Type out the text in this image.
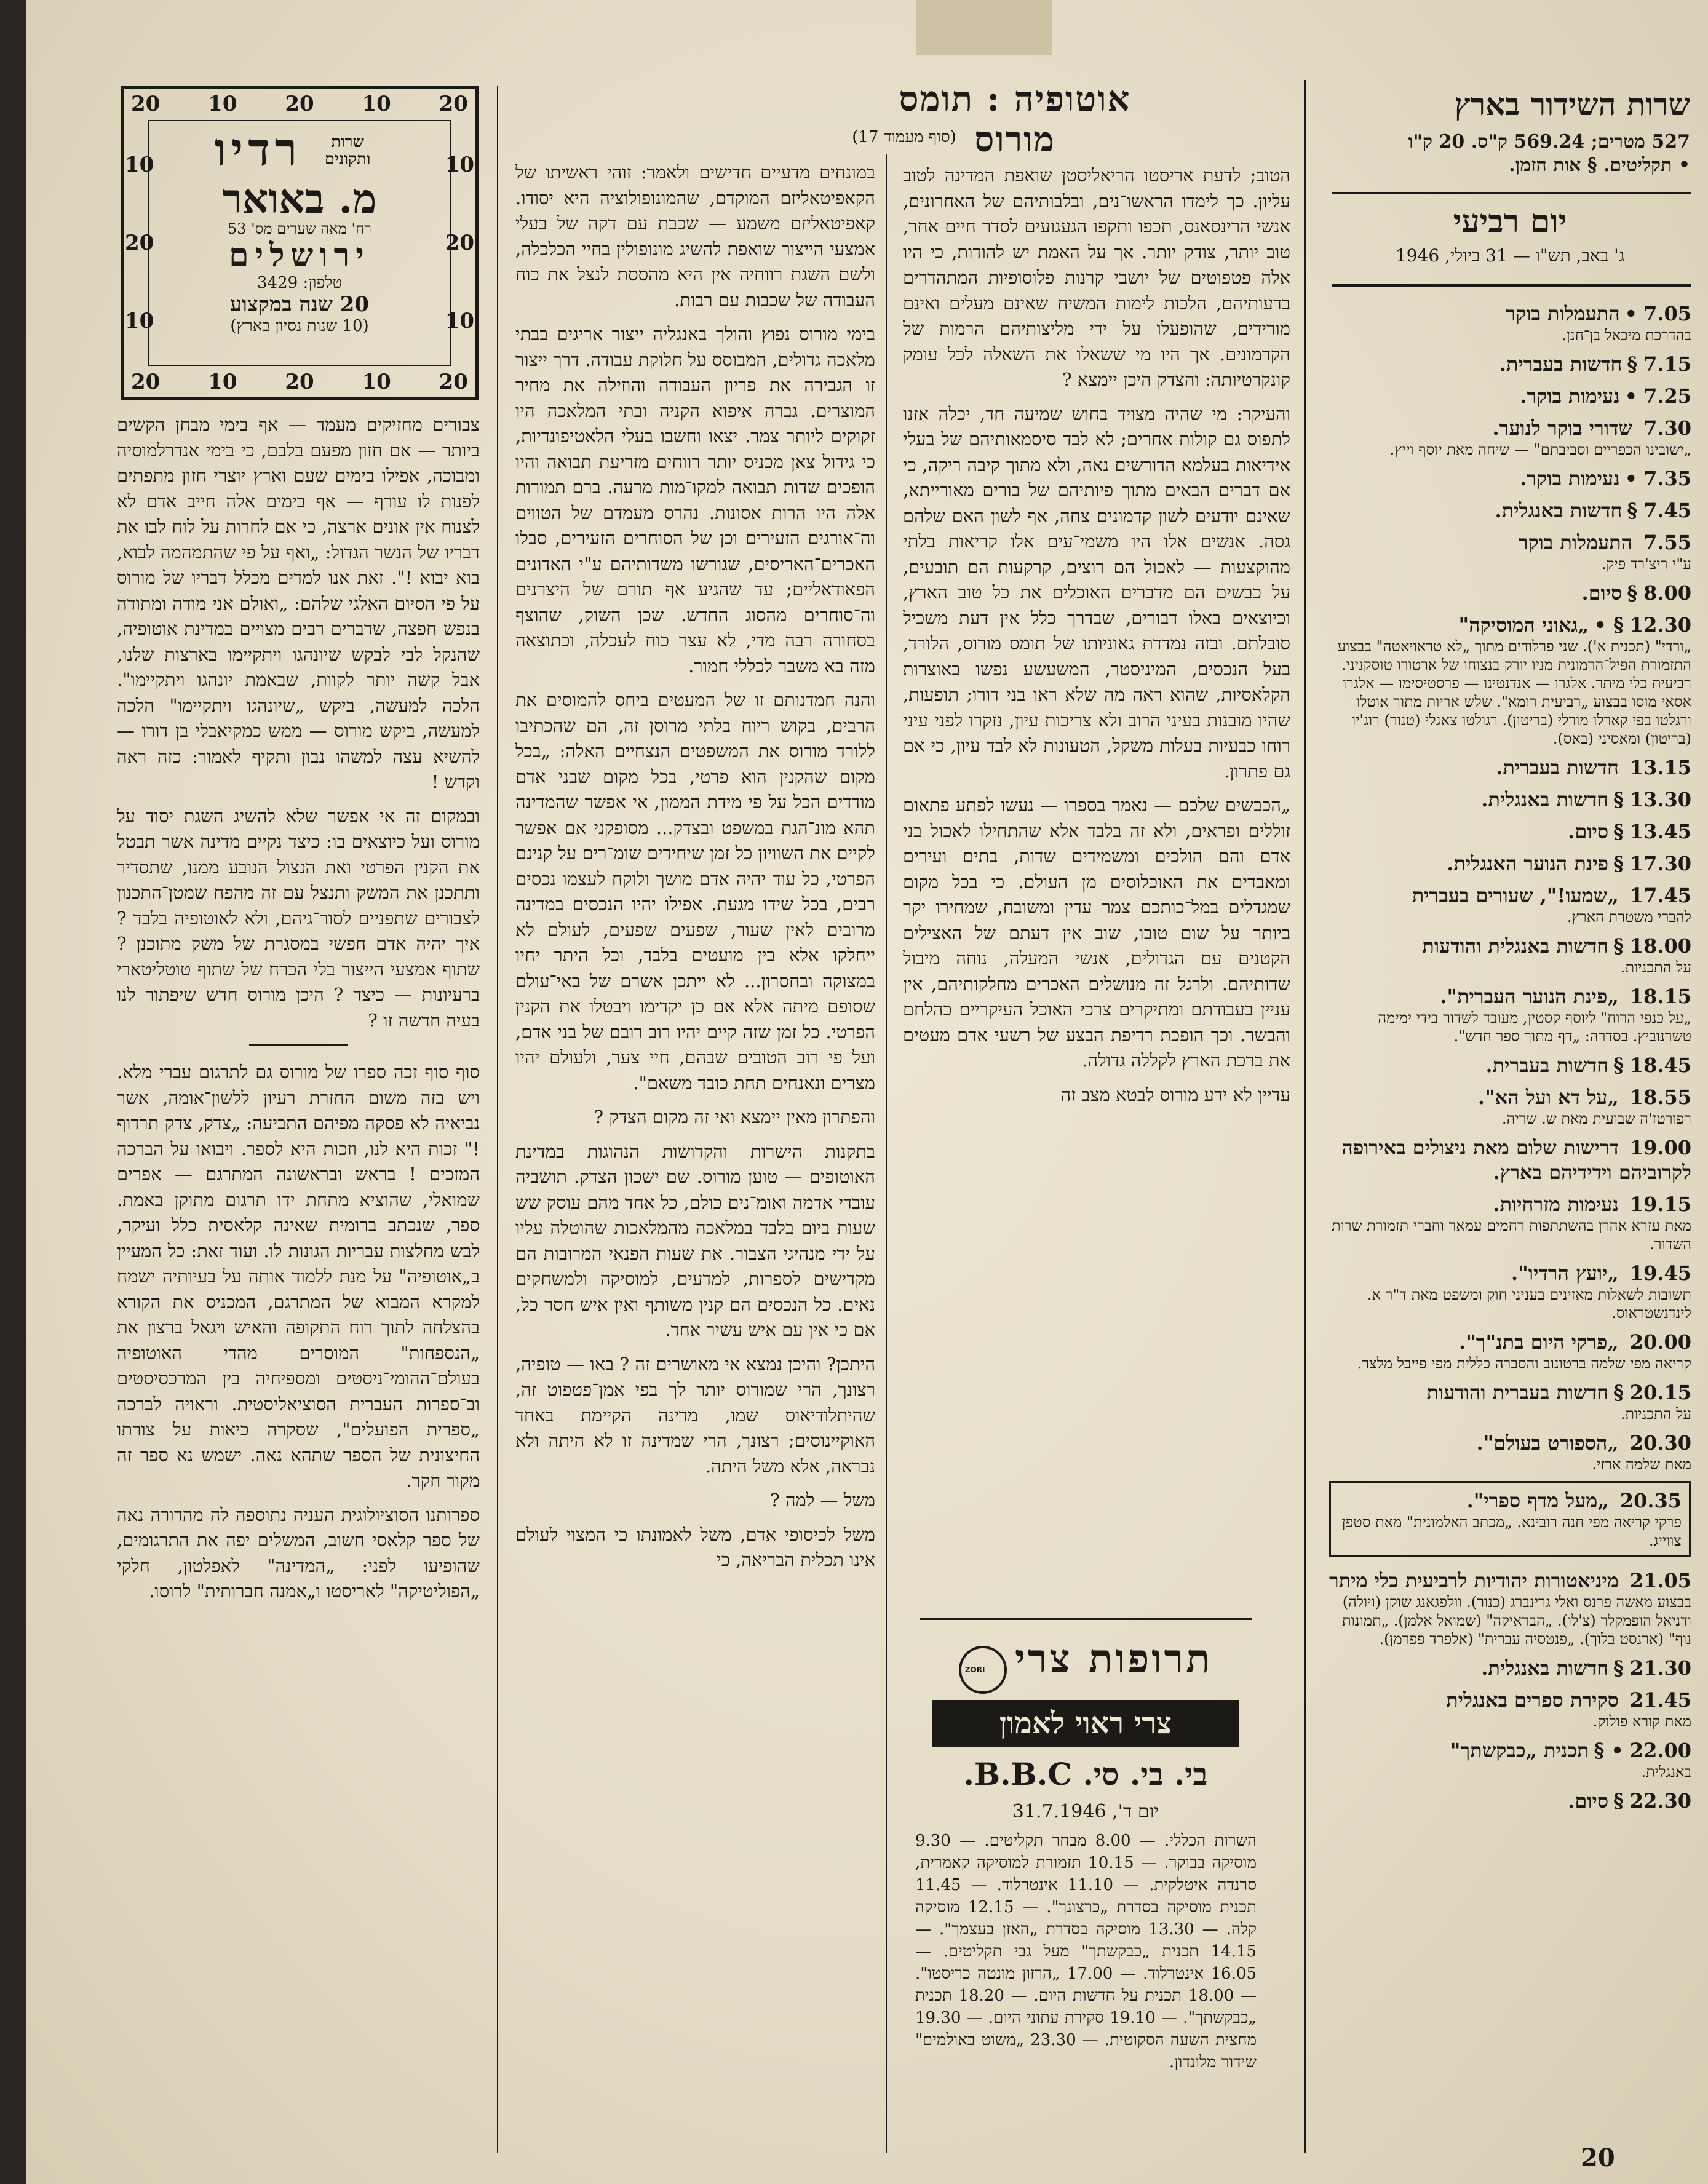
שרות השידור בארץ
527 מטרים; 569.24 ק"ס. 20 ק"ו
• תקליטים. § אות הזמן.
יום רביעי
ג' באב, תש"ו — 31 ביולי, 1946
7.05•התעמלות בוקר
בהדרכת מיכאל בן־חנן.
7.15§חדשות בעברית.
7.25•נעימות בוקר.
7.30שדורי בוקר לנוער.
„ישובינו הכפריים וסביבתם" — שיחה מאת יוסף וייץ.
7.35•נעימות בוקר.
7.45§חדשות באנגלית.
7.55התעמלות בוקר
ע"י ריצ'רד פיק.
8.00§סיום.
12.30§ •„גאוני המוסיקה"
„ורדי" (תכנית א'). שני פרלודים מתוך „לא טראויאטה" בבצוע התזמורת הפיל־הרמונית מניו יורק בנצוחו של ארטורו טוסקניני. רביעית כלי מיתר. אלגרו — אנדנטינו — פרסטיסימו — אלגרו אסאי מוסו בבצוע „רביעית רומא". שלש אריות מתוך אוטלו ורגלטו בפי קארלו מורלי (בריטון). רגולטו צאגלי (טנור) רוג'יו (בריטון) ומאסיני (באס).
13.15חדשות בעברית.
13.30§חדשות באנגלית.
13.45§סיום.
17.30§פינת הנוער האנגלית.
17.45„שמעו!", שעורים בעברית
להברי משטרת הארץ.
18.00§חדשות באנגלית והודעות
על התכניות.
18.15„פינת הנוער העברית".
„על כנפי הרוח" ליוסף קסטין, מעובד לשדור בידי ימימה טשרנוביץ. בסדרה: „דף מתוך ספר חדש".
18.45§חדשות בעברית.
18.55„על דא ועל הא".
רפורטז'ה שבועית מאת ש. שריה.
19.00דרישות שלום מאת ניצולים באירופה לקרוביהם וידידיהם בארץ.
19.15נעימות מזרחיות.
מאת עזרא אהרן בהשתתפות רחמים עמאר וחברי תזמורת שרות השדור.
19.45„יועץ הרדיו".
תשובות לשאלות מאזינים בעניני חוק ומשפט מאת ד"ר א. לינדנשטראוס.
20.00„פרקי היום בתנ"ך".
קריאה מפי שלמה ברטונוב והסברה כללית מפי פייבל מלצר.
20.15§חדשות בעברית והודעות
על התכניות.
20.30„הספורט בעולם".
מאת שלמה ארזי.
20.35„מעל מדף ספרי".
פרקי קריאה מפי חנה רובינא. „מכתב האלמונית" מאת סטפן צווייג.
21.05מיניאטורות יהודיות לרביעית כלי מיתר
בבצוע מאשה פרנס ואלי גרינברג (כנור). וולפגאנג שוקן (ויולה) ודניאל הופמקלר (צ'לו). „הבראיקה" (שמואל אלמן). „תמונות נוף" (ארנסט בלוך). „פנטסיה עברית" (אלפרד פפרמן).
21.30§חדשות באנגלית.
21.45סקירת ספרים באנגלית
מאת קורא פולוק.
22.00• §תכנית „כבקשתך"
באנגלית.
22.30§סיום.
אוטופיה : תומס מורוס
(סוף מעמוד 17)

הטוב; לדעת אריסטו הריאליסטן שואפת המדינה לטוב עליון. כך לימדו הראשו־נים, ובלבותיהם של האחרונים, אנשי הרינסאנס, תכפו ותקפו הגעגועים לסדר חיים אחר, טוב יותר, צודק יותר. אך על האמת יש להודות, כי היו אלה פטפוטים של יושבי קרנות פלוסופיות המתהדרים בדעותיהם, הלכות לימות המשיח שאינם מעלים ואינם מורידים, שהופעלו על ידי מליצותיהם הרמות של הקדמונים. אך היו מי ששאלו את השאלה לכל עומק קונקרטיותה: והצדק היכן יימצא ?

והעיקר: מי שהיה מצויד בחוש שמיעה חד, יכלה אזנו לתפוס גם קולות אחרים; לא לבד סיסמאותיהם של בעלי אידיאות בעלמא הדורשים נאה, ולא מתוך קיבה ריקה, כי אם דברים הבאים מתוך פיותיהם של בורים מאורייתא, שאינם יודעים לשון קדמונים צחה, אף לשון האם שלהם גסה. אנשים אלו היו משמי־עים אלו קריאות בלתי מהוקצעות — לאכול הם רוצים, קרקעות הם תובעים, על כבשים הם מדברים האוכלים את כל טוב הארץ, וכיוצאים באלו דבורים, שבדרך כלל אין דעת משכיל סובלתם. ובזה נמדדת גאוניותו של תומס מורוס, הלורד, בעל הנכסים, המיניסטר, המשעשע נפשו באוצרות הקלאסיות, שהוא ראה מה שלא ראו בני דורו; תופעות, שהיו מובנות בעיני הרוב ולא צריכות עיון, נזקרו לפני עיני רוחו כבעיות בעלות משקל, הטעונות לא לבד עיון, כי אם גם פתרון.

„הכבשים שלכם — נאמר בספרו — נעשו לפתע פתאום זוללים ופראים, ולא זה בלבד אלא שהתחילו לאכול בני אדם והם הולכים ומשמידים שדות, בתים ועירים ומאבדים את האוכלוסים מן העולם. כי בכל מקום שמגדלים במל־כותכם צמר עדין ומשובח, שמחירו יקר ביותר על שום טובו, שוב אין דעתם של האצילים הקטנים עם הגדולים, אנשי המעלה, נוחה מיבול שדותיהם. ולרגל זה מנושלים האכרים מחלקותיהם, אין עניין בעבודתם ומתיקרים צרכי האוכל העיקריים כהלחם והבשר. וכך הופכת רדיפת הבצע של רשעי אדם מעטים את ברכת הארץ לקללה גדולה.

עדיין לא ידע מורוס לבטא מצב זה

תרופות צרי
ZORI
צרי ראוי לאמון
בי. בי. סי. B.B.C.
יום ד', 31.7.1946

השרות הכללי. — 8.00 מבחר תקליטים. — 9.30 מוסיקה בבוקר. — 10.15 תזמורת למוסיקה קאמרית, סרנדה איטלקית. — 11.10 אינטרלוד. — 11.45 תכנית מוסיקה בסדרת „כרצונך". — 12.15 מוסיקה קלה. — 13.30 מוסיקה בסדרת „האזן בעצמך". — 14.15 תכנית „כבקשתך" מעל גבי תקליטים. — 16.05 אינטרלוד. — 17.00 „הרזון מונטה כריסטו". — 18.00 תכנית על חדשות היום. — 18.20 תכנית „כבקשתך". — 19.10 סקירת עתוני היום. — 19.30 מחצית השעה הסקוטית. — 23.30 „משוט באולמים" שידור מלונדון.

במונחים מדעיים חדישים ולאמר: זוהי ראשיתו של הקאפיטאליזם המוקדם, שהמונופולוציה היא יסודו. קאפיטאליזם משמע — שכבת עם דקה של בעלי אמצעי הייצור שואפת להשיג מונופולין בחיי הכלכלה, ולשם השגת רווחיה אין היא מהססת לנצל את כוח העבודה של שכבות עם רבות.

בימי מורוס נפוץ והולך באנגליה ייצור אריגים בבתי מלאכה גדולים, המבוסס על חלוקת עבודה. דרך ייצור זו הגבירה את פריון העבודה והוזילה את מחיר המוצרים. גברה איפוא הקניה ובתי המלאכה היו זקוקים ליותר צמר. יצאו וחשבו בעלי הלאטיפונדיות, כי גידול צאן מכניס יותר רווחים מזריעת תבואה והיו הופכים שדות תבואה למקו־מות מרעה. ברם תמורות אלה היו הרות אסונות. נהרס מעמדם של הטווים וה־אורגים הזעירים וכן של הסוחרים הזעירים, סבלו האכרים־האריסים, שגורשו משדותיהם ע"י האדונים הפאודאליים; עד שהגיע אף תורם של היצרנים וה־סוחרים מהסוג החדש. שכן השוק, שהוצף בסחורה רבה מדי, לא עצר כוח לעכלה, וכתוצאה מזה בא משבר לכללי חמור.

והנה חמדנותם זו של המעטים ביחס להמוסים את הרבים, בקוש ריוח בלתי מרוסן זה, הם שהכתיבו ללורד מורוס את המשפטים הנצחיים האלה: „בכל מקום שהקנין הוא פרטי, בכל מקום שבני אדם מודדים הכל על פי מידת הממון, אי אפשר שהמדינה תהא מונ־הגת במשפט ובצדק... מסופקני אם אפשר לקיים את השוויון כל זמן שיחידים שומ־רים על קנינם הפרטי, כל עוד יהיה אדם מושך ולוקח לעצמו נכסים רבים, בכל שידו מגעת. אפילו יהיו הנכסים במדינה מרובים לאין שעור, שפעים שפעים, לעולם לא ייחלקו אלא בין מועטים בלבד, וכל היתר יחיו במצוקה ובחסרון... לא ייתכן אשרם של באי־עולם שסופם מיתה אלא אם כן יקדימו ויבטלו את הקנין הפרטי. כל זמן שזה קיים יהיו רוב רובם של בני אדם, ועל פי רוב הטובים שבהם, חיי צער, ולעולם יהיו מצרים ונאנחים תחת כובד משאם".

והפתרון מאין יימצא ואי זה מקום הצדק ?

בתקנות הישרות והקדושות הנהוגות במדינת האוטופים — טוען מורוס. שם ישכון הצדק. תושביה עובדי אדמה ואומ־נים כולם, כל אחד מהם עוסק שש שעות ביום בלבד במלאכה מהמלאכות שהוטלה עליו על ידי מנהיגי הצבור. את שעות הפנאי המרובות הם מקדישים לספרות, למדעים, למוסיקה ולמשחקים נאים. כל הנכסים הם קנין משותף ואין איש חסר כל, אם כי אין עם איש עשיר אחד.

היתכן? והיכן נמצא אי מאושרים זה ? באו — טופיה, רצונך, הרי שמורוס יותר לך בפי אמן־פטפוט זה, שהיתלודיאוס שמו, מדינה הקיימת באחד האוקיינוסים; רצונך, הרי שמדינה זו לא היתה ולא נבראה, אלא משל היתה.

משל — למה ?

משל לכיסופי אדם, משל לאמונתו כי המצוי לעולם אינו תכלית הבריאה, כי

20 10 20 10 20
20 10 20 10 20
10
20
10
10
20
10
שרות ותקונים
רדיו
מ. באואר
רח' מאה שערים מס' 53
ירושלים
טלפון: 3429
20 שנה במקצוע
(10 שנות נסיון בארץ)

צבורים מחזיקים מעמד — אף בימי מבחן הקשים ביותר — אם חזון מפעם בלבם, כי בימי אנדרלמוסיה ומבוכה, אפילו בימים שעם וארץ יוצרי חזון מתפתים לפנות לו עורף — אף בימים אלה חייב אדם לא לצנוח אין אונים ארצה, כי אם לחרות על לוח לבו את דבריו של הנשר הגדול: „ואף על פי שהתמהמה לבוא, בוא יבוא !". זאת אנו למדים מכלל דבריו של מורוס על פי הסיום האלגי שלהם: „ואולם אני מודה ומתודה בנפש חפצה, שדברים רבים מצויים במדינת אוטופיה, שהנקל לבי לבקש שיונהגו ויתקיימו בארצות שלנו, אבל קשה יותר לקוות, שבאמת יונהגו ויתקיימו". הלכה למעשה, ביקש „שיונהגו ויתקיימו" הלכה למעשה, ביקש מורוס — ממש כמקיאבלי בן דורו — להשיא עצה למשהו נבון ותקיף לאמור: כזה ראה וקדש !

ובמקום זה אי אפשר שלא להשיג השגת יסוד על מורוס ועל כיוצאים בו: כיצד נקיים מדינה אשר תבטל את הקנין הפרטי ואת הנצול הנובע ממנו, שתסדיר ותתכנן את המשק ותנצל עם זה מהפח שמטן־התכנון לצבורים שתפניים לסור־גיהם, ולא לאוטופיה בלבד ? איך יהיה אדם חפשי במסגרת של משק מתוכנן ? שתוף אמצעי הייצור בלי הכרח של שתוף טוטליטארי ברעיונות — כיצד ? היכן מורוס חדש שיפתור לנו בעיה חדשה זו ?

סוף סוף זכה ספרו של מורוס גם לתרגום עברי מלא. ויש בזה משום החזרת רעיון ללשון־אומה, אשר נביאיה לא פסקה מפיהם התביעה: „צדק, צדק תרדוף !" זכות היא לנו, וזכות היא לספר. ויבואו על הברכה המזכים ! בראש ובראשונה המתרגם — אפרים שמואלי, שהוציא מתחת ידו תרגום מתוקן באמת. ספר, שנכתב ברומית שאינה קלאסית כלל ועיקר, לבש מחלצות עבריות הגונות לו. ועוד זאת: כל המעיין ב„אוטופיה" על מנת ללמוד אותה על בעיותיה ישמח למקרא המבוא של המתרגם, המכניס את הקורא בהצלחה לתוך רוח התקופה והאיש ויגאל ברצון את „הנספחות" המוסרים מהדי האוטופיה בעולם־ההומי־ניסטים ומספיחיה בין המרכסיסטים וב־ספרות העברית הסוציאליסטית. וראויה לברכה „ספרית הפועלים", שסקרה כיאות על צורתו החיצונית של הספר שתהא נאה. ישמש נא ספר זה מקור חקר.

ספרותנו הסוציולוגית העניה נתוספה לה מהדורה נאה של ספר קלאסי חשוב, המשלים יפה את התרגומים, שהופיעו לפני: „המדינה" לאפלטון, חלקי „הפוליטיקה" לאריסטו ו„אמנה חברותית" לרוסו.

20
